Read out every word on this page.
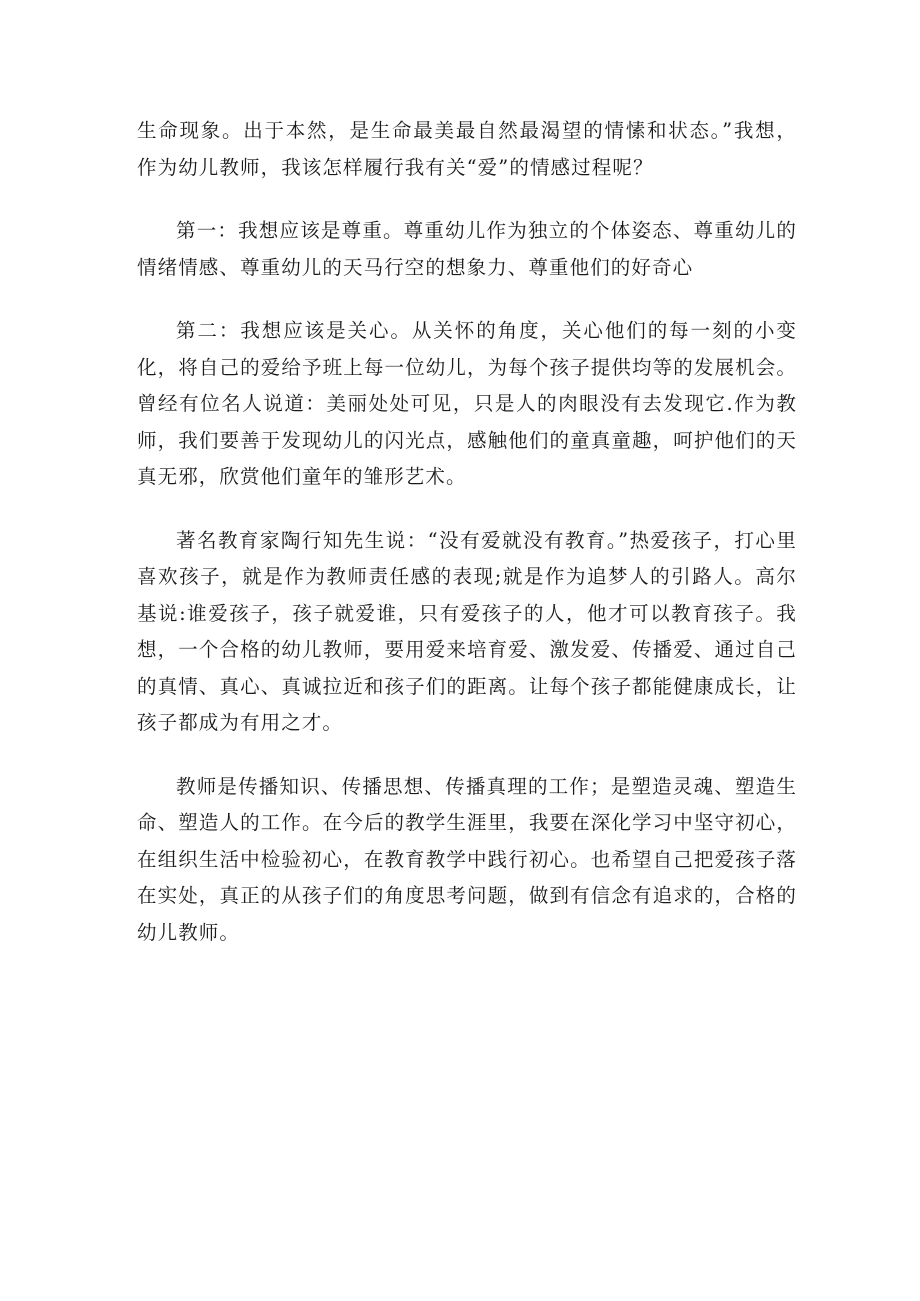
生命现象。出于本然，是生命最美最自然最渴望的情愫和状态。”我想，作为幼儿教师，我该怎样履行我有关“爱”的情感过程呢？

第一：我想应该是尊重。尊重幼儿作为独立的个体姿态、尊重幼儿的情绪情感、尊重幼儿的天马行空的想象力、尊重他们的好奇心

第二：我想应该是关心。从关怀的角度，关心他们的每一刻的小变化，将自己的爱给予班上每一位幼儿，为每个孩子提供均等的发展机会。曾经有位名人说道：美丽处处可见，只是人的肉眼没有去发现它.作为教师，我们要善于发现幼儿的闪光点，感触他们的童真童趣，呵护他们的天真无邪，欣赏他们童年的雏形艺术。

著名教育家陶行知先生说：“没有爱就没有教育。”热爱孩子，打心里喜欢孩子，就是作为教师责任感的表现;就是作为追梦人的引路人。高尔基说:谁爱孩子，孩子就爱谁，只有爱孩子的人，他才可以教育孩子。我想，一个合格的幼儿教师，要用爱来培育爱、激发爱、传播爱、通过自己的真情、真心、真诚拉近和孩子们的距离。让每个孩子都能健康成长，让孩子都成为有用之才。

教师是传播知识、传播思想、传播真理的工作；是塑造灵魂、塑造生命、塑造人的工作。在今后的教学生涯里，我要在深化学习中坚守初心，在组织生活中检验初心，在教育教学中践行初心。也希望自己把爱孩子落在实处，真正的从孩子们的角度思考问题，做到有信念有追求的，合格的幼儿教师。
